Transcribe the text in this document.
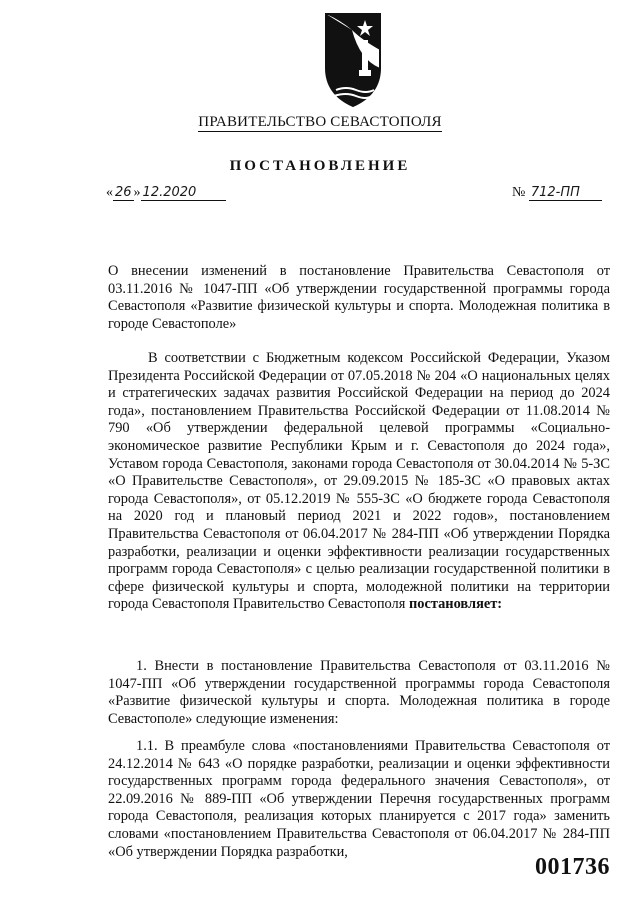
ПРАВИТЕЛЬСТВО СЕВАСТОПОЛЯ
ПОСТАНОВЛЕНИЕ
« 26 » 12.2020	№ 712-ПП
О внесении изменений в постановление Правительства Севастополя от 03.11.2016 № 1047-ПП «Об утверждении государственной программы города Севастополя «Развитие физической культуры и спорта. Молодежная политика в городе Севастополе»
В соответствии с Бюджетным кодексом Российской Федерации, Указом Президента Российской Федерации от 07.05.2018 № 204 «О национальных целях и стратегических задачах развития Российской Федерации на период до 2024 года», постановлением Правительства Российской Федерации от 11.08.2014 № 790 «Об утверждении федеральной целевой программы «Социально-экономическое развитие Республики Крым и г. Севастополя до 2024 года», Уставом города Севастополя, законами города Севастополя от 30.04.2014 № 5-ЗС «О Правительстве Севастополя», от 29.09.2015 № 185-ЗС «О правовых актах города Севастополя», от 05.12.2019 № 555-ЗС «О бюджете города Севастополя на 2020 год и плановый период 2021 и 2022 годов», постановлением Правительства Севастополя от 06.04.2017 № 284-ПП «Об утверждении Порядка разработки, реализации и оценки эффективности реализации государственных программ города Севастополя» с целью реализации государственной политики в сфере физической культуры и спорта, молодежной политики на территории города Севастополя Правительство Севастополя постановляет:
1. Внести в постановление Правительства Севастополя от 03.11.2016 № 1047-ПП «Об утверждении государственной программы города Севастополя «Развитие физической культуры и спорта. Молодежная политика в городе Севастополе» следующие изменения:
1.1. В преамбуле слова «постановлениями Правительства Севастополя от 24.12.2014 № 643 «О порядке разработки, реализации и оценки эффективности государственных программ города федерального значения Севастополя», от 22.09.2016 № 889-ПП «Об утверждении Перечня государственных программ города Севастополя, реализация которых планируется с 2017 года» заменить словами «постановлением Правительства Севастополя от 06.04.2017 № 284-ПП «Об утверждении Порядка разработки,
001736
